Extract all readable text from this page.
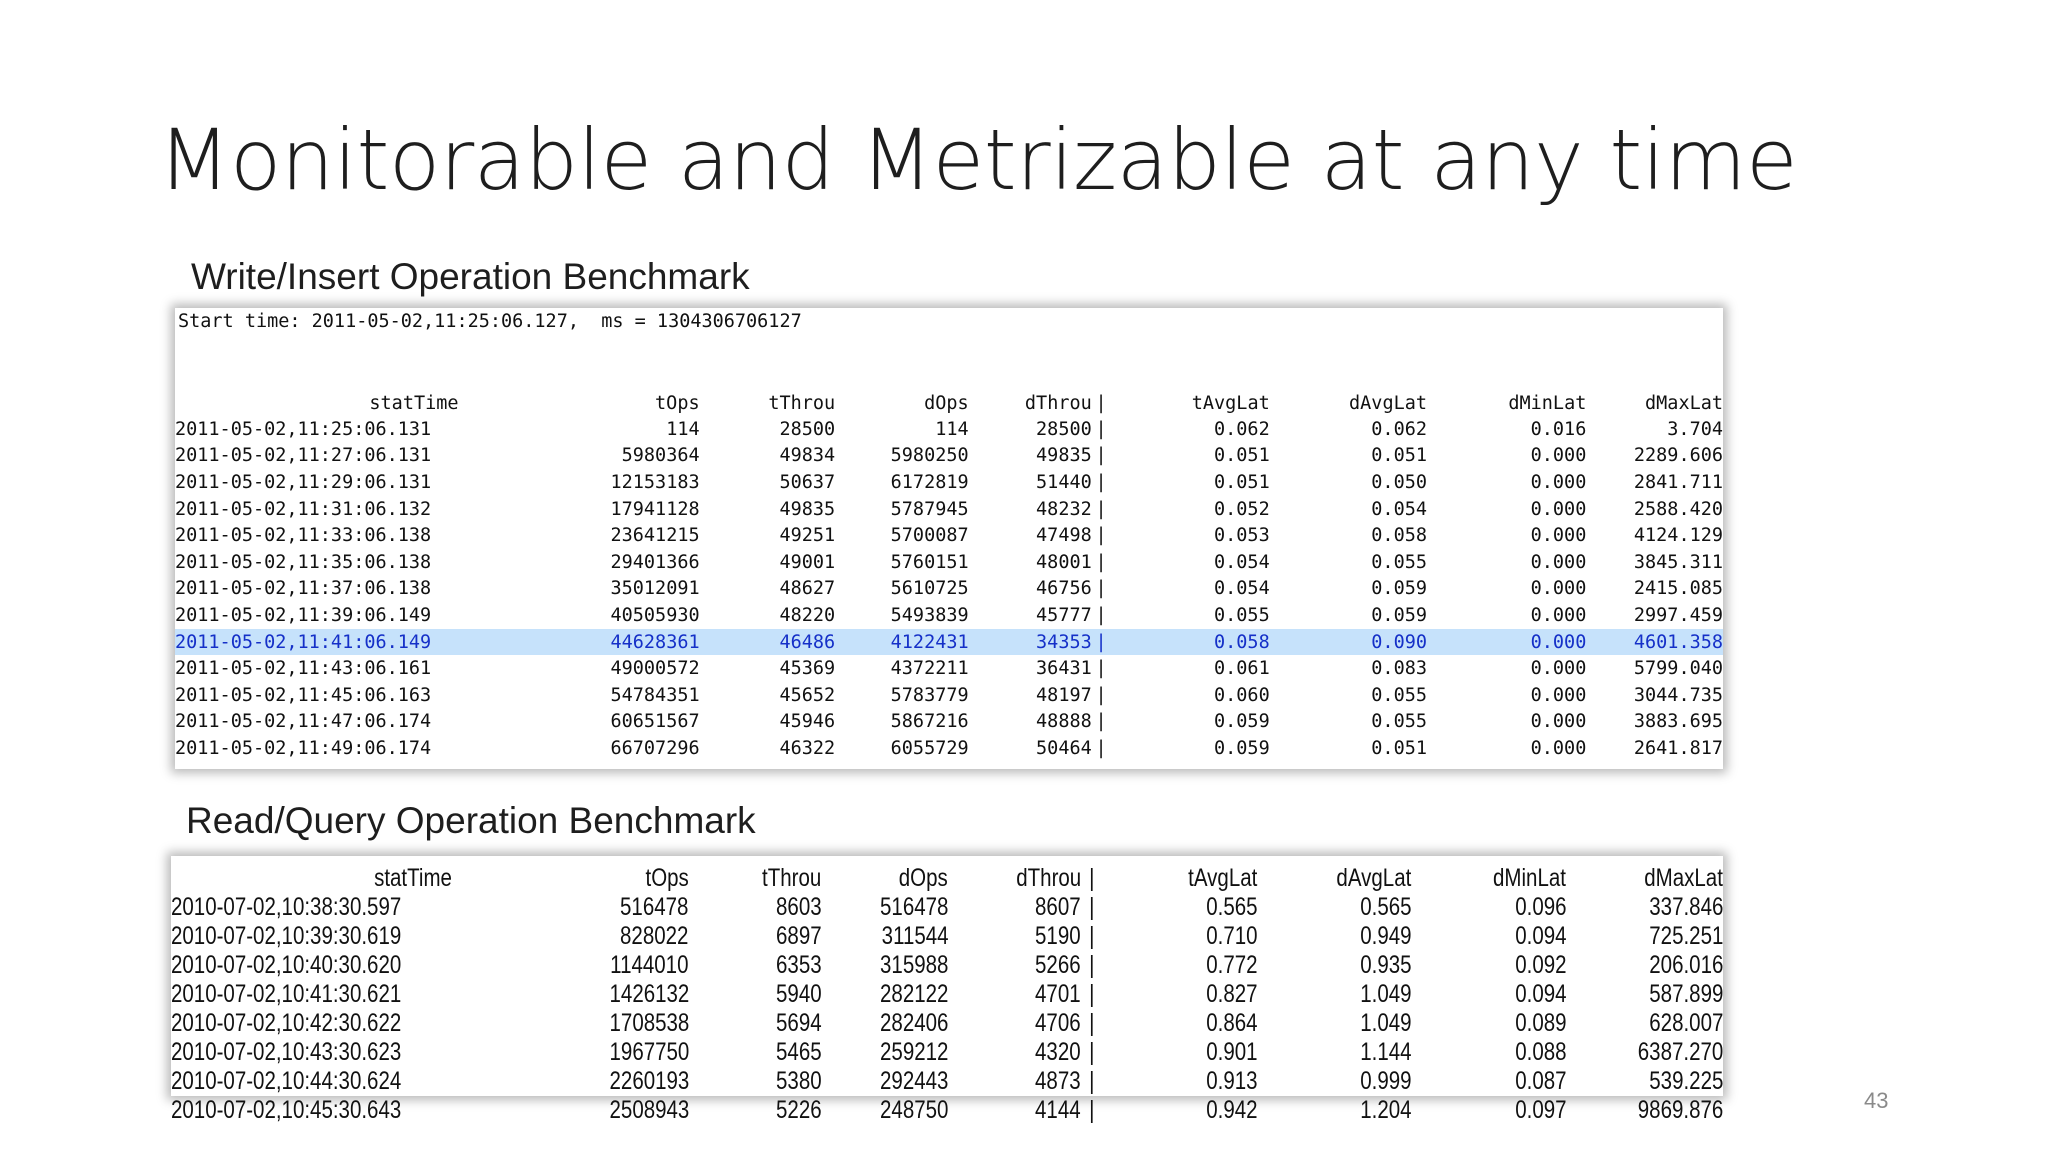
Monitorable and Metrizable at any time
Write/Insert Operation Benchmark
Start time: 2011-05-02,11:25:06.127,  ms = 1304306706127
statTime	tOps	tThrou	dOps	dThrou	|	tAvgLat	dAvgLat	dMinLat	dMaxLat
2011-05-02,11:25:06.131	114	28500	114	28500	|	0.062	0.062	0.016	3.704
2011-05-02,11:27:06.131	5980364	49834	5980250	49835	|	0.051	0.051	0.000	2289.606
2011-05-02,11:29:06.131	12153183	50637	6172819	51440	|	0.051	0.050	0.000	2841.711
2011-05-02,11:31:06.132	17941128	49835	5787945	48232	|	0.052	0.054	0.000	2588.420
2011-05-02,11:33:06.138	23641215	49251	5700087	47498	|	0.053	0.058	0.000	4124.129
2011-05-02,11:35:06.138	29401366	49001	5760151	48001	|	0.054	0.055	0.000	3845.311
2011-05-02,11:37:06.138	35012091	48627	5610725	46756	|	0.054	0.059	0.000	2415.085
2011-05-02,11:39:06.149	40505930	48220	5493839	45777	|	0.055	0.059	0.000	2997.459
2011-05-02,11:41:06.149	44628361	46486	4122431	34353	|	0.058	0.090	0.000	4601.358
2011-05-02,11:43:06.161	49000572	45369	4372211	36431	|	0.061	0.083	0.000	5799.040
2011-05-02,11:45:06.163	54784351	45652	5783779	48197	|	0.060	0.055	0.000	3044.735
2011-05-02,11:47:06.174	60651567	45946	5867216	48888	|	0.059	0.055	0.000	3883.695
2011-05-02,11:49:06.174	66707296	46322	6055729	50464	|	0.059	0.051	0.000	2641.817
Read/Query Operation Benchmark
statTime	tOps	tThrou	dOps	dThrou	|	tAvgLat	dAvgLat	dMinLat	dMaxLat
2010-07-02,10:38:30.597	516478	8603	516478	8607	|	0.565	0.565	0.096	337.846
2010-07-02,10:39:30.619	828022	6897	311544	5190	|	0.710	0.949	0.094	725.251
2010-07-02,10:40:30.620	1144010	6353	315988	5266	|	0.772	0.935	0.092	206.016
2010-07-02,10:41:30.621	1426132	5940	282122	4701	|	0.827	1.049	0.094	587.899
2010-07-02,10:42:30.622	1708538	5694	282406	4706	|	0.864	1.049	0.089	628.007
2010-07-02,10:43:30.623	1967750	5465	259212	4320	|	0.901	1.144	0.088	6387.270
2010-07-02,10:44:30.624	2260193	5380	292443	4873	|	0.913	0.999	0.087	539.225
2010-07-02,10:45:30.643	2508943	5226	248750	4144	|	0.942	1.204	0.097	9869.876	43
